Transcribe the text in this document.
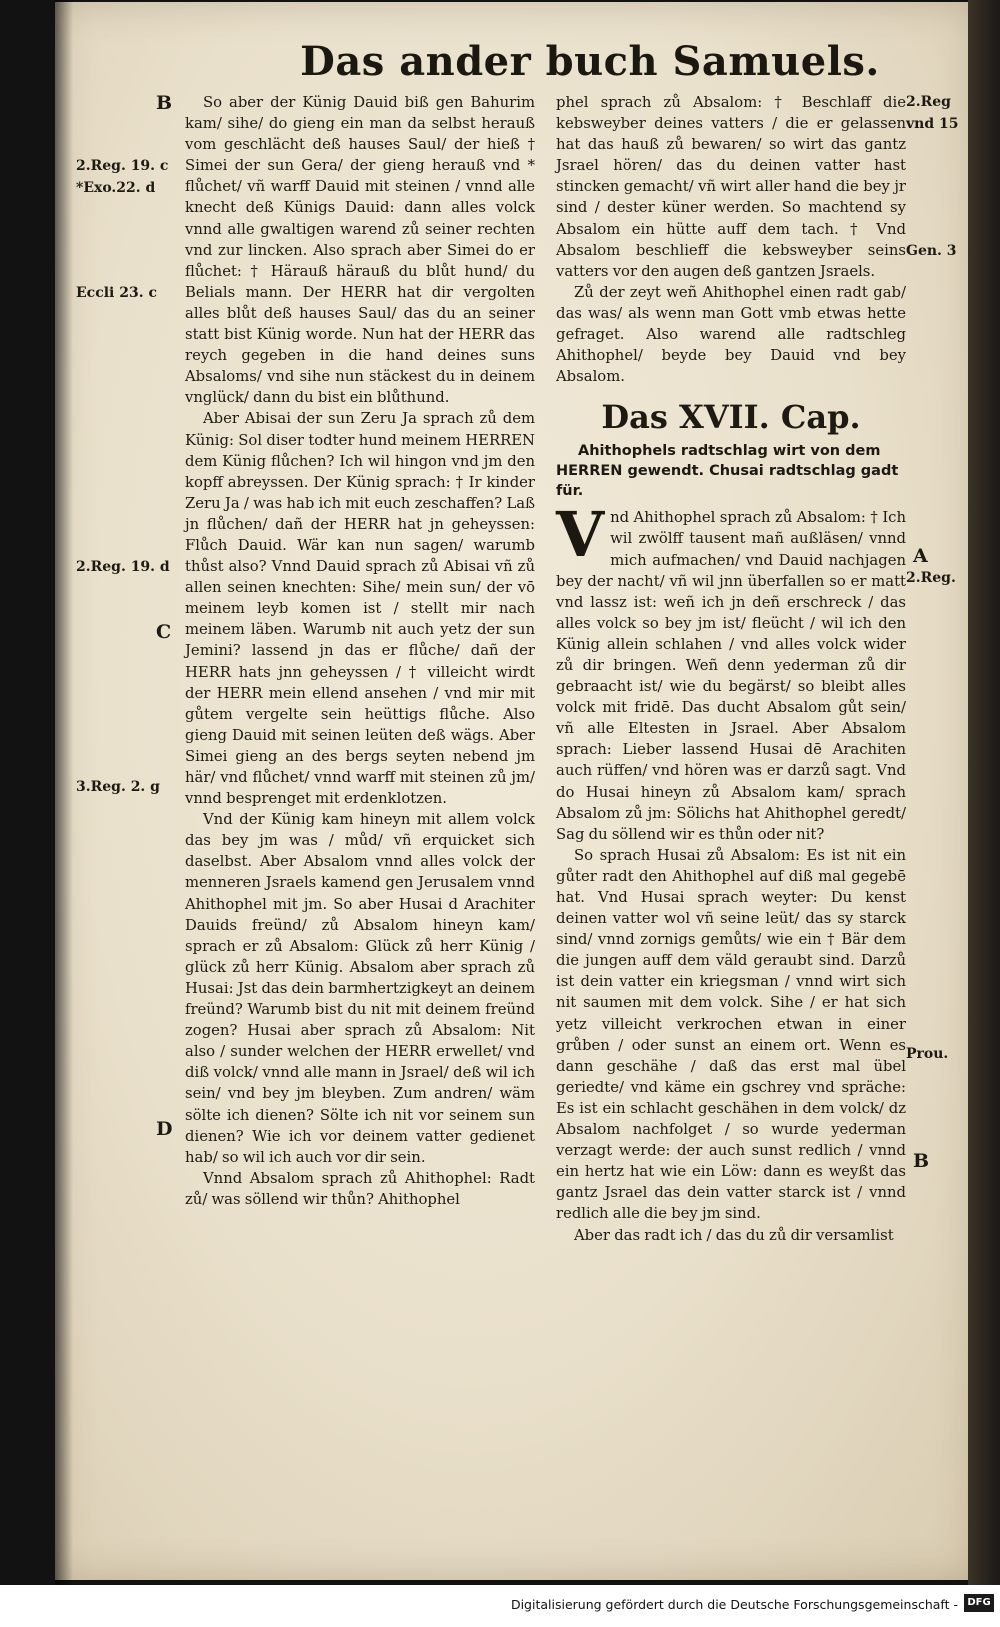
Das ander buch Samuels.
B
2.Reg. 19. c
*Exo.22. d
Eccli 23. c
2.Reg. 19. d
C
3.Reg. 2. g
D
2.Reg
vnd 15
Gen. 3
A
2.Reg.
Prou.
B

So aber der Künig Dauid biß gen Bahurim kam/ sihe/ do gieng ein man da selbst herauß vom geschlächt deß hauses Saul/ der hieß † Simei der sun Gera/ der gieng herauß vnd * flůchet/ vñ warff Dauid mit steinen / vnnd alle knecht deß Künigs Dauid: dann alles volck vnnd alle gwaltigen warend zů seiner rechten vnd zur lincken. Also sprach aber Simei do er flůchet: † Härauß härauß du blůt hund/ du Belials mann. Der HERR hat dir vergolten alles blůt deß hauses Saul/ das du an seiner statt bist Künig worde. Nun hat der HERR das reych gegeben in die hand deines suns Absaloms/ vnd sihe nun stäckest du in deinem vnglück/ dann du bist ein blůthund.

Aber Abisai der sun Zeru Ja sprach zů dem Künig: Sol diser todter hund meinem HERREN dem Künig flůchen? Ich wil hingon vnd jm den kopff abreyssen. Der Künig sprach: † Ir kinder Zeru Ja / was hab ich mit euch zeschaffen? Laß jn flůchen/ dañ der HERR hat jn geheyssen: Flůch Dauid. Wär kan nun sagen/ warumb thůst also? Vnnd Dauid sprach zů Abisai vñ zů allen seinen knechten: Sihe/ mein sun/ der vō meinem leyb komen ist / stellt mir nach meinem läben. Warumb nit auch yetz der sun Jemini? lassend jn das er flůche/ dañ der HERR hats jnn geheyssen / † villeicht wirdt der HERR mein ellend ansehen / vnd mir mit gůtem vergelte sein heüttigs flůche. Also gieng Dauid mit seinen leüten deß wägs. Aber Simei gieng an des bergs seyten nebend jm här/ vnd flůchet/ vnnd warff mit steinen zů jm/ vnnd besprenget mit erdenklotzen.

Vnd der Künig kam hineyn mit allem volck das bey jm was / můd/ vñ erquicket sich daselbst. Aber Absalom vnnd alles volck der menneren Jsraels kamend gen Jerusalem vnnd Ahithophel mit jm. So aber Husai d Arachiter Dauids freünd/ zů Absalom hineyn kam/ sprach er zů Absalom: Glück zů herr Künig / glück zů herr Künig. Absalom aber sprach zů Husai: Jst das dein barmhertzigkeyt an deinem freünd? Warumb bist du nit mit deinem freünd zogen? Husai aber sprach zů Absalom: Nit also / sunder welchen der HERR erwellet/ vnd diß volck/ vnnd alle mann in Jsrael/ deß wil ich sein/ vnd bey jm bleyben. Zum andren/ wäm sölte ich dienen? Sölte ich nit vor seinem sun dienen? Wie ich vor deinem vatter gedienet hab/ so wil ich auch vor dir sein.

Vnnd Absalom sprach zů Ahithophel: Radt zů/ was söllend wir thůn? Ahithophel

phel sprach zů Absalom: † Beschlaff die kebsweyber deines vatters / die er gelassen hat das hauß zů bewaren/ so wirt das gantz Jsrael hören/ das du deinen vatter hast stincken gemacht/ vñ wirt aller hand die bey jr sind / dester küner werden. So machtend sy Absalom ein hütte auff dem tach. † Vnd Absalom beschlieff die kebsweyber seins vatters vor den augen deß gantzen Jsraels.

Zů der zeyt weñ Ahithophel einen radt gab/ das was/ als wenn man Gott vmb etwas hette gefraget. Also warend alle radtschleg Ahithophel/ beyde bey Dauid vnd bey Absalom.

Das XVII. Cap.

Ahithophels radtschlag wirt von dem HERREN gewendt. Chusai radtschlag gadt für.

Vnd Ahithophel sprach zů Absalom: † Ich wil zwölff tausent mañ außläsen/ vnnd mich aufmachen/ vnd Dauid nachjagen bey der nacht/ vñ wil jnn überfallen so er matt vnd lassz ist: weñ ich jn deñ erschreck / das alles volck so bey jm ist/ fleücht / wil ich den Künig allein schlahen / vnd alles volck wider zů dir bringen. Weñ denn yederman zů dir gebraacht ist/ wie du begärst/ so bleibt alles volck mit fridē. Das ducht Absalom gůt sein/ vñ alle Eltesten in Jsrael. Aber Absalom sprach: Lieber lassend Husai dē Arachiten auch rüffen/ vnd hören was er darzů sagt. Vnd do Husai hineyn zů Absalom kam/ sprach Absalom zů jm: Sölichs hat Ahithophel geredt/ Sag du söllend wir es thůn oder nit?

So sprach Husai zů Absalom: Es ist nit ein gůter radt den Ahithophel auf diß mal gegebē hat. Vnd Husai sprach weyter: Du kenst deinen vatter wol vñ seine leüt/ das sy starck sind/ vnnd zornigs gemůts/ wie ein † Bär dem die jungen auff dem väld geraubt sind. Darzů ist dein vatter ein kriegsman / vnnd wirt sich nit saumen mit dem volck. Sihe / er hat sich yetz villeicht verkrochen etwan in einer grůben / oder sunst an einem ort. Wenn es dann geschähe / daß das erst mal übel geriedte/ vnd käme ein gschrey vnd spräche: Es ist ein schlacht geschähen in dem volck/ dz Absalom nachfolget / so wurde yederman verzagt werde: der auch sunst redlich / vnnd ein hertz hat wie ein Löw: dann es weyßt das gantz Jsrael das dein vatter starck ist / vnnd redlich alle die bey jm sind.

Aber das radt ich / das du zů dir versamlist

Digitalisierung gefördert durch die Deutsche Forschungsgemeinschaft - DFG
